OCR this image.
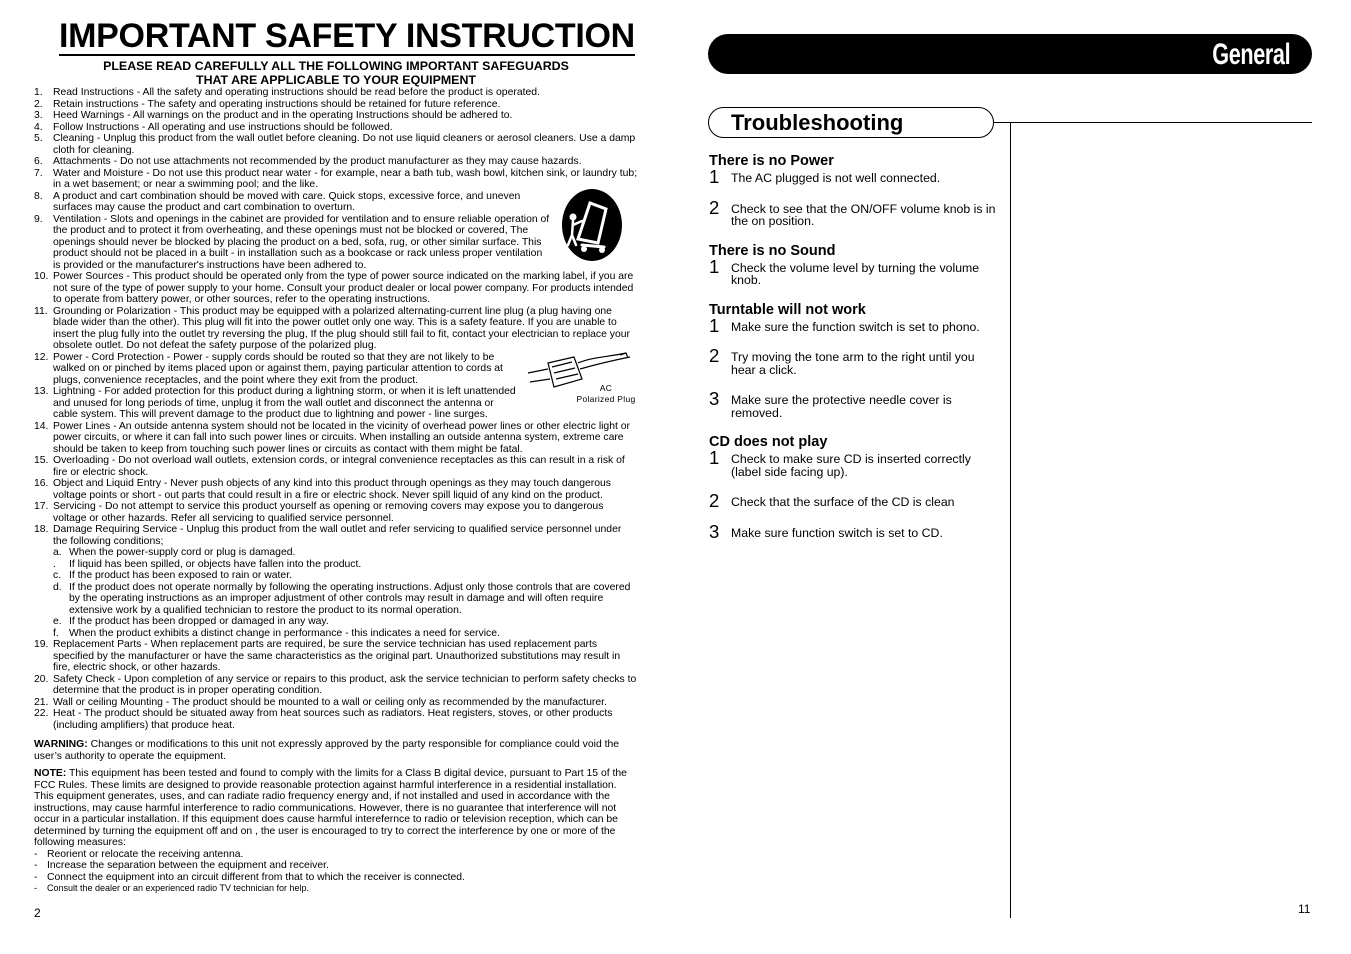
IMPORTANT SAFETY INSTRUCTION
PLEASE READ CAREFULLY ALL THE FOLLOWING IMPORTANT SAFEGUARDS
THAT ARE APPLICABLE TO YOUR EQUIPMENT
1. Read Instructions - All the safety and operating instructions should be read before the product is operated.
2. Retain instructions - The safety and operating instructions should be retained for future reference.
3. Heed Warnings - All warnings on the product and in the operating Instructions should be adhered to.
4. Follow Instructions - All operating and use instructions should be followed.
5. Cleaning - Unplug this product from the wall outlet before cleaning. Do not use liquid cleaners or aerosol cleaners. Use a damp cloth for cleaning.
6. Attachments - Do not use attachments not recommended by the product manufacturer as they may cause hazards.
7. Water and Moisture - Do not use this product near water - for example, near a bath tub, wash bowl, kitchen sink, or laundry tub; in a wet basement; or near a swimming pool; and the like.
8. A product and cart combination should be moved with care. Quick stops, excessive force, and uneven surfaces may cause the product and cart combination to overturn.
9. Ventilation - Slots and openings in the cabinet are provided for ventilation and to ensure reliable operation of the product and to protect it from overheating, and these openings must not be blocked or covered, The openings should never be blocked by placing the product on a bed, sofa, rug, or other similar surface. This product should not be placed in a built - in installation such as a bookcase or rack unless proper ventilation is provided or the manufacturer's instructions have been adhered to.
10. Power Sources - This product should be operated only from the type of power source indicated on the marking label, if you are not sure of the type of power supply to your home. Consult your product dealer or local power company. For products intended to operate from battery power, or other sources, refer to the operating instructions.
11. Grounding or Polarization - This product may be equipped with a polarized alternating-current line plug (a plug having one blade wider than the other). This plug will fit into the power outlet only one way. This is a safety feature. If you are unable to insert the plug fully into the outlet try reversing the plug, If the plug should still fail to fit, contact your electrician to replace your obsolete outlet. Do not defeat the safety purpose of the polarized plug.
12. Power - Cord Protection - Power - supply cords should be routed so that they are not likely to be walked on or pinched by items placed upon or against them, paying particular attention to cords at plugs, convenience receptacles, and the point where they exit from the product.
13. Lightning - For added protection for this product during a lightning storm, or when it is left unattended and unused for long periods of time, unplug it from the wall outlet and disconnect the antenna or cable system. This will prevent damage to the product due to lightning and power - line surges.
14. Power Lines - An outside antenna system should not be located in the vicinity of overhead power lines or other electric light or power circuits, or where it can fall into such power lines or circuits. When installing an outside antenna system, extreme care should be taken to keep from touching such power lines or circuits as contact with them might be fatal.
15. Overloading - Do not overload wall outlets, extension cords, or integral convenience receptacles as this can result in a risk of fire or electric shock.
16. Object and Liquid Entry - Never push objects of any kind into this product through openings as they may touch dangerous voltage points or short - out parts that could result in a fire or electric shock. Never spill liquid of any kind on the product.
17. Servicing - Do not attempt to service this product yourself as opening or removing covers may expose you to dangerous voltage or other hazards. Refer all servicing to qualified service personnel.
18. Damage Requiring Service - Unplug this product from the wall outlet and refer servicing to qualified service personnel under the following conditions;
a. When the power-supply cord or plug is damaged.
. If liquid has been spilled, or objects have fallen into the product.
c. If the product has been exposed to rain or water.
d. If the product does not operate normally by following the operating instructions. Adjust only those controls that are covered by the operating instructions as an improper adjustment of other controls may result in damage and will often require extensive work by a qualified technician to restore the product to its normal operation.
e. If the product has been dropped or damaged in any way.
f. When the product exhibits a distinct change in performance - this indicates a need for service.
19. Replacement Parts - When replacement parts are required, be sure the service technician has used replacement parts specified by the manufacturer or have the same characteristics as the original part. Unauthorized substitutions may result in fire, electric shock, or other hazards.
20. Safety Check - Upon completion of any service or repairs to this product, ask the service technician to perform safety checks to determine that the product is in proper operating condition.
21. Wall or ceiling Mounting - The product should be mounted to a wall or ceiling only as recommended by the manufacturer.
22. Heat - The product should be situated away from heat sources such as radiators. Heat registers, stoves, or other products (including amplifiers) that produce heat.
WARNING: Changes or modifications to this unit not expressly approved by the party responsible for compliance could void the user’s authority to operate the equipment.
NOTE: This equipment has been tested and found to comply with the limits for a Class B digital device, pursuant to Part 15 of the FCC Rules. These limits are designed to provide reasonable protection against harmful interference in a residential installation. This equipment generates, uses, and can radiate radio frequency energy and, if not installed and used in accordance with the instructions, may cause harmful interference to radio communications. However, there is no guarantee that interference will not occur in a particular installation. If this equipment does cause harmful interefernce to radio or television reception, which can be determined by turning the equipment off and on , the user is encouraged to try to correct the interference by one or more of the following measures:
- Reorient or relocate the receiving antenna.
- Increase the separation between the equipment and receiver.
- Connect the equipment into an circuit different from that to which the receiver is connected.
- Consult the dealer or an experienced radio TV technician for help.
AC
Polarized Plug
2
General
Troubleshooting
There is no Power
1 The AC plugged is not well connected.
2 Check to see that the ON/OFF volume knob is in the on position.
There is no Sound
1 Check the volume level by turning the volume knob.
Turntable will not work
1 Make sure the function switch is set to phono.
2 Try moving the tone arm to the right until you hear a click.
3 Make sure the protective needle cover is removed.
CD does not play
1 Check to make sure CD is inserted correctly (label side facing up).
2 Check that the surface of the CD is clean
3 Make sure function switch is set to CD.
11
